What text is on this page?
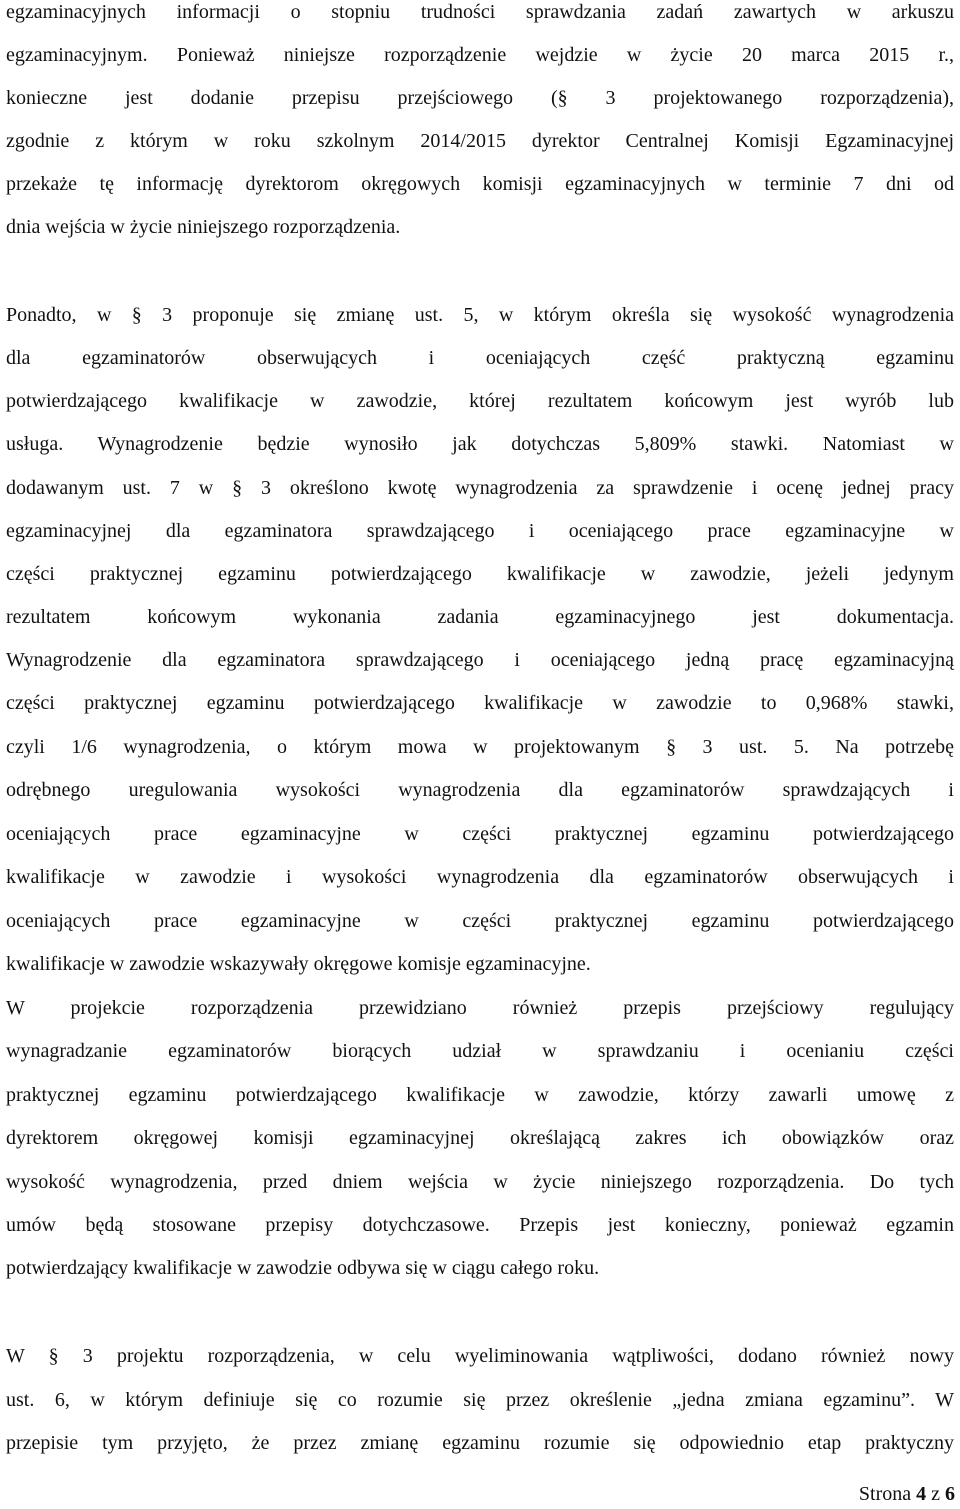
egzaminacyjnych informacji o stopniu trudności sprawdzania zadań zawartych w arkuszu
egzaminacyjnym. Ponieważ niniejsze rozporządzenie wejdzie w życie 20 marca 2015 r.,
konieczne jest dodanie przepisu przejściowego (§ 3 projektowanego rozporządzenia),
zgodnie z którym w roku szkolnym 2014/2015 dyrektor Centralnej Komisji Egzaminacyjnej
przekaże tę informację dyrektorom okręgowych komisji egzaminacyjnych w terminie 7 dni od
dnia wejścia w życie niniejszego rozporządzenia.
Ponadto, w § 3 proponuje się zmianę ust. 5, w którym określa się wysokość wynagrodzenia
dla egzaminatorów obserwujących i oceniających część praktyczną egzaminu
potwierdzającego kwalifikacje w zawodzie, której rezultatem końcowym jest wyrób lub
usługa. Wynagrodzenie będzie wynosiło jak dotychczas 5,809% stawki. Natomiast w
dodawanym ust. 7 w § 3 określono kwotę wynagrodzenia za sprawdzenie i ocenę jednej pracy
egzaminacyjnej dla egzaminatora sprawdzającego i oceniającego prace egzaminacyjne w
części praktycznej egzaminu potwierdzającego kwalifikacje w zawodzie, jeżeli jedynym
rezultatem końcowym wykonania zadania egzaminacyjnego jest dokumentacja.
Wynagrodzenie dla egzaminatora sprawdzającego i oceniającego jedną pracę egzaminacyjną
części praktycznej egzaminu potwierdzającego kwalifikacje w zawodzie to 0,968% stawki,
czyli 1/6 wynagrodzenia, o którym mowa w projektowanym § 3 ust. 5. Na potrzebę
odrębnego uregulowania wysokości wynagrodzenia dla egzaminatorów sprawdzających i
oceniających prace egzaminacyjne w części praktycznej egzaminu potwierdzającego
kwalifikacje w zawodzie i wysokości wynagrodzenia dla egzaminatorów obserwujących i
oceniających prace egzaminacyjne w części praktycznej egzaminu potwierdzającego
kwalifikacje w zawodzie wskazywały okręgowe komisje egzaminacyjne.
W projekcie rozporządzenia przewidziano również przepis przejściowy regulujący
wynagradzanie egzaminatorów biorących udział w sprawdzaniu i ocenianiu części
praktycznej egzaminu potwierdzającego kwalifikacje w zawodzie, którzy zawarli umowę z
dyrektorem okręgowej komisji egzaminacyjnej określającą zakres ich obowiązków oraz
wysokość wynagrodzenia, przed dniem wejścia w życie niniejszego rozporządzenia. Do tych
umów będą stosowane przepisy dotychczasowe. Przepis jest konieczny, ponieważ egzamin
potwierdzający kwalifikacje w zawodzie odbywa się w ciągu całego roku.
W § 3 projektu rozporządzenia, w celu wyeliminowania wątpliwości, dodano również nowy
ust. 6, w którym definiuje się co rozumie się przez określenie „jedna zmiana egzaminu”. W
przepisie tym przyjęto, że przez zmianę egzaminu rozumie się odpowiednio etap praktyczny
Strona 4 z 6
